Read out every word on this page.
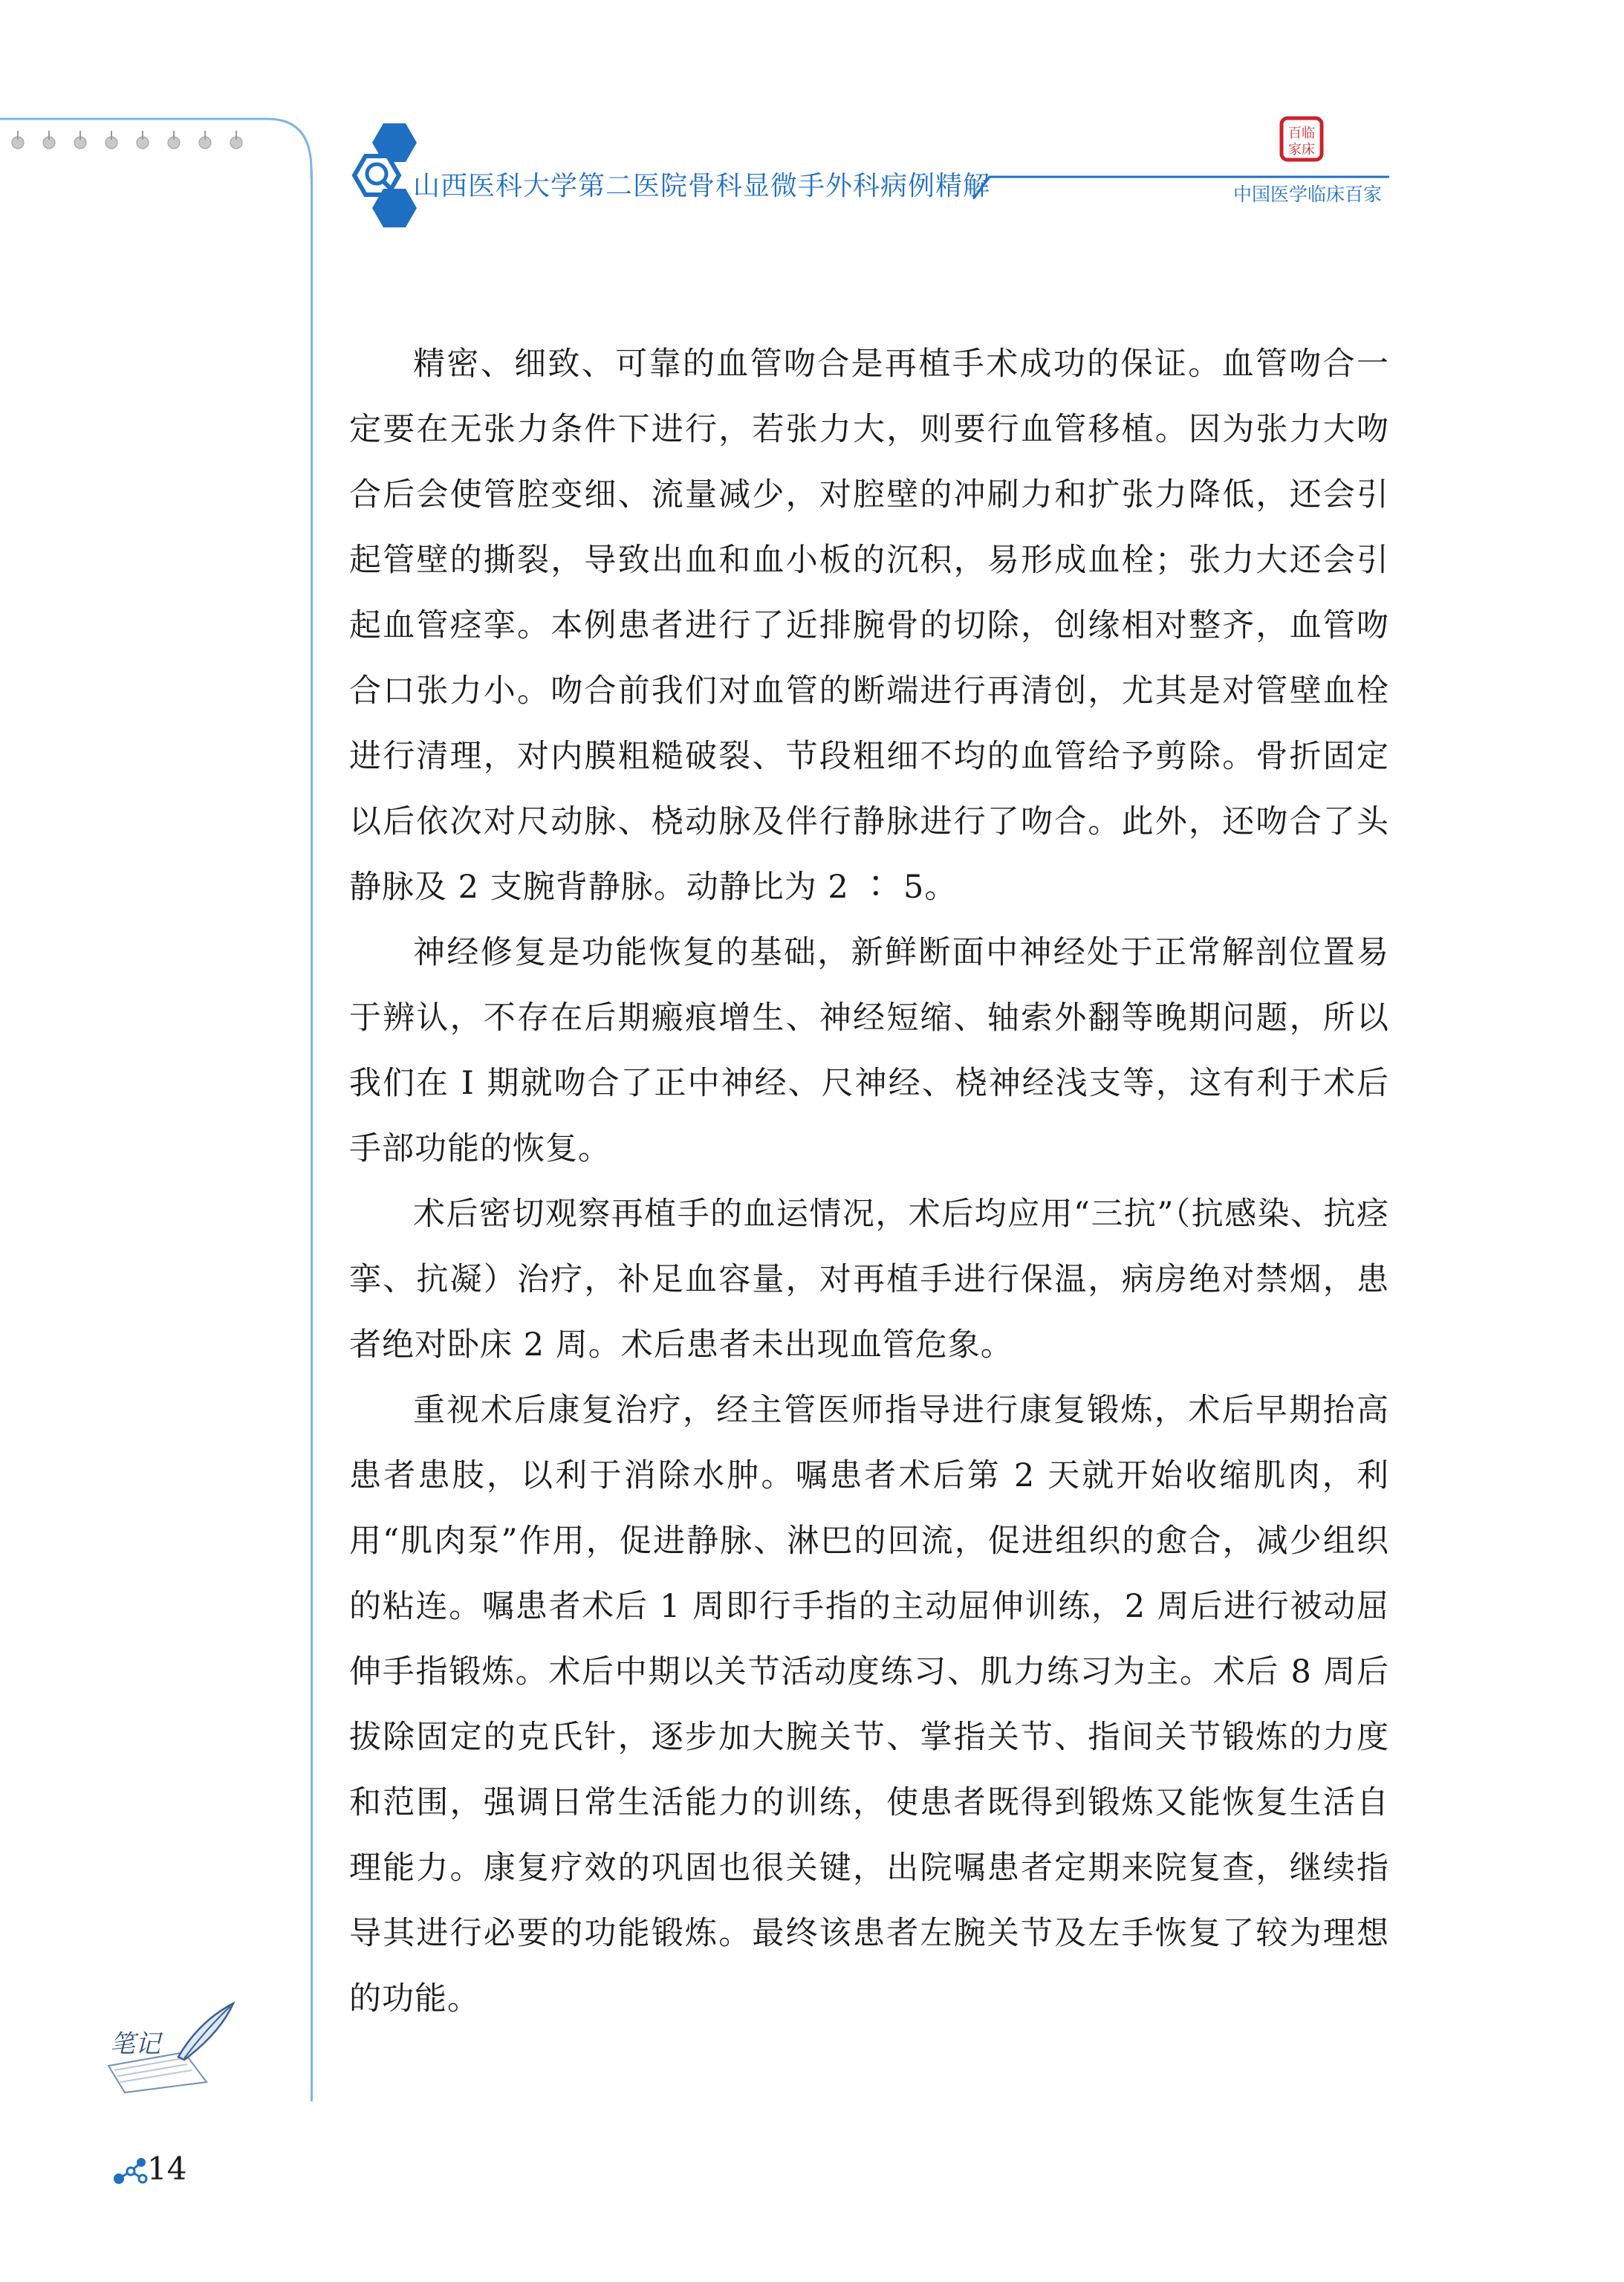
山西医科大学第二医院骨科显微手外科病例精解
百临
家床
中国医学临床百家

精密、细致、可靠的血管吻合是再植手术成功的保证。血管吻合一定要在无张力条件下进行，若张力大，则要行血管移植。因为张力大吻合后会使管腔变细、流量减少，对腔壁的冲刷力和扩张力降低，还会引起管壁的撕裂，导致出血和血小板的沉积，易形成血栓；张力大还会引起血管痉挛。本例患者进行了近排腕骨的切除，创缘相对整齐，血管吻合口张力小。吻合前我们对血管的断端进行再清创，尤其是对管壁血栓进行清理，对内膜粗糙破裂、节段粗细不均的血管给予剪除。骨折固定以后依次对尺动脉、桡动脉及伴行静脉进行了吻合。此外，还吻合了头静脉及 2 支腕背静脉。动静比为 2 ∶ 5。

神经修复是功能恢复的基础，新鲜断面中神经处于正常解剖位置易于辨认，不存在后期瘢痕增生、神经短缩、轴索外翻等晚期问题，所以我们在 Ⅰ 期就吻合了正中神经、尺神经、桡神经浅支等，这有利于术后手部功能的恢复。

术后密切观察再植手的血运情况，术后均应用“三抗”（抗感染、抗痉挛、抗凝）治疗，补足血容量，对再植手进行保温，病房绝对禁烟，患者绝对卧床 2 周。术后患者未出现血管危象。

重视术后康复治疗，经主管医师指导进行康复锻炼，术后早期抬高患者患肢，以利于消除水肿。嘱患者术后第 2 天就开始收缩肌肉，利用“肌肉泵”作用，促进静脉、淋巴的回流，促进组织的愈合，减少组织的粘连。嘱患者术后 1 周即行手指的主动屈伸训练，2 周后进行被动屈伸手指锻炼。术后中期以关节活动度练习、肌力练习为主。术后 8 周后拔除固定的克氏针，逐步加大腕关节、掌指关节、指间关节锻炼的力度和范围，强调日常生活能力的训练，使患者既得到锻炼又能恢复生活自理能力。康复疗效的巩固也很关键，出院嘱患者定期来院复查，继续指导其进行必要的功能锻炼。最终该患者左腕关节及左手恢复了较为理想的功能。

笔记
14
